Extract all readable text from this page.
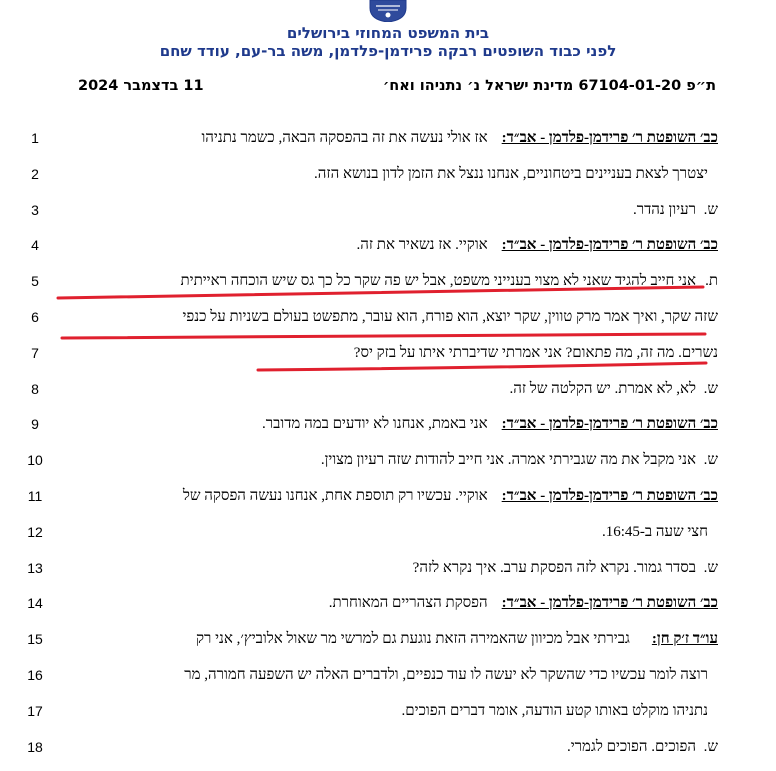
בית המשפט המחוזי בירושלים
לפני כבוד השופטים רבקה פרידמן-פלדמן, משה בר-עם, עודד שחם
ת״פ 67104-01-20 מדינת ישראל נ׳ נתניהו ואח׳
11 בדצמבר 2024
1	כב׳ השופטת ר׳ פרידמן-פלדמן - אב״ד:אז אולי נעשה את זה בהפסקה הבאה, כשמר נתניהו
2	יצטרך לצאת בעניינים ביטחוניים, אנחנו ננצל את הזמן לדון בנושא הזה.
3	ש.רעיון נהדר.
4	כב׳ השופטת ר׳ פרידמן-פלדמן - אב״ד:אוקיי. אז נשאיר את זה.
5	ת.אני חייב להגיד שאני לא מצוי בענייני משפט, אבל יש פה שקר כל כך גס שיש הוכחה ראייתית
6	שזה שקר, ואיך אמר מרק טווין, שקר יוצא, הוא פורח, הוא עובר, מתפשט בעולם בשניות על כנפי
7	נשרים. מה זה, מה פתאום? אני אמרתי שדיברתי איתו על בזק יס?
8	ש.לא, לא אמרת. יש הקלטה של זה.
9	כב׳ השופטת ר׳ פרידמן-פלדמן - אב״ד:אני באמת, אנחנו לא יודעים במה מדובר.
10	ש.אני מקבל את מה שגבירתי אמרה. אני חייב להודות שזה רעיון מצוין.
11	כב׳ השופטת ר׳ פרידמן-פלדמן - אב״ד:אוקיי. עכשיו רק תוספת אחת, אנחנו נעשה הפסקה של
12	חצי שעה ב-16:45.
13	ש.בסדר גמור. נקרא לזה הפסקת ערב. איך נקרא לזה?
14	כב׳ השופטת ר׳ פרידמן-פלדמן - אב״ד:הפסקת הצהריים המאוחרת.
15	עו״ד ז׳ק חן:גבירתי אבל מכיוון שהאמירה הזאת נוגעת גם למרשי מר שאול אלוביץ׳, אני רק
16	רוצה לומר עכשיו כדי שהשקר לא יעשה לו עוד כנפיים, ולדברים האלה יש השפעה חמורה, מר
17	נתניהו מוקלט באותו קטע הודעה, אומר דברים הפוכים.
18	ש.הפוכים. הפוכים לגמרי.
